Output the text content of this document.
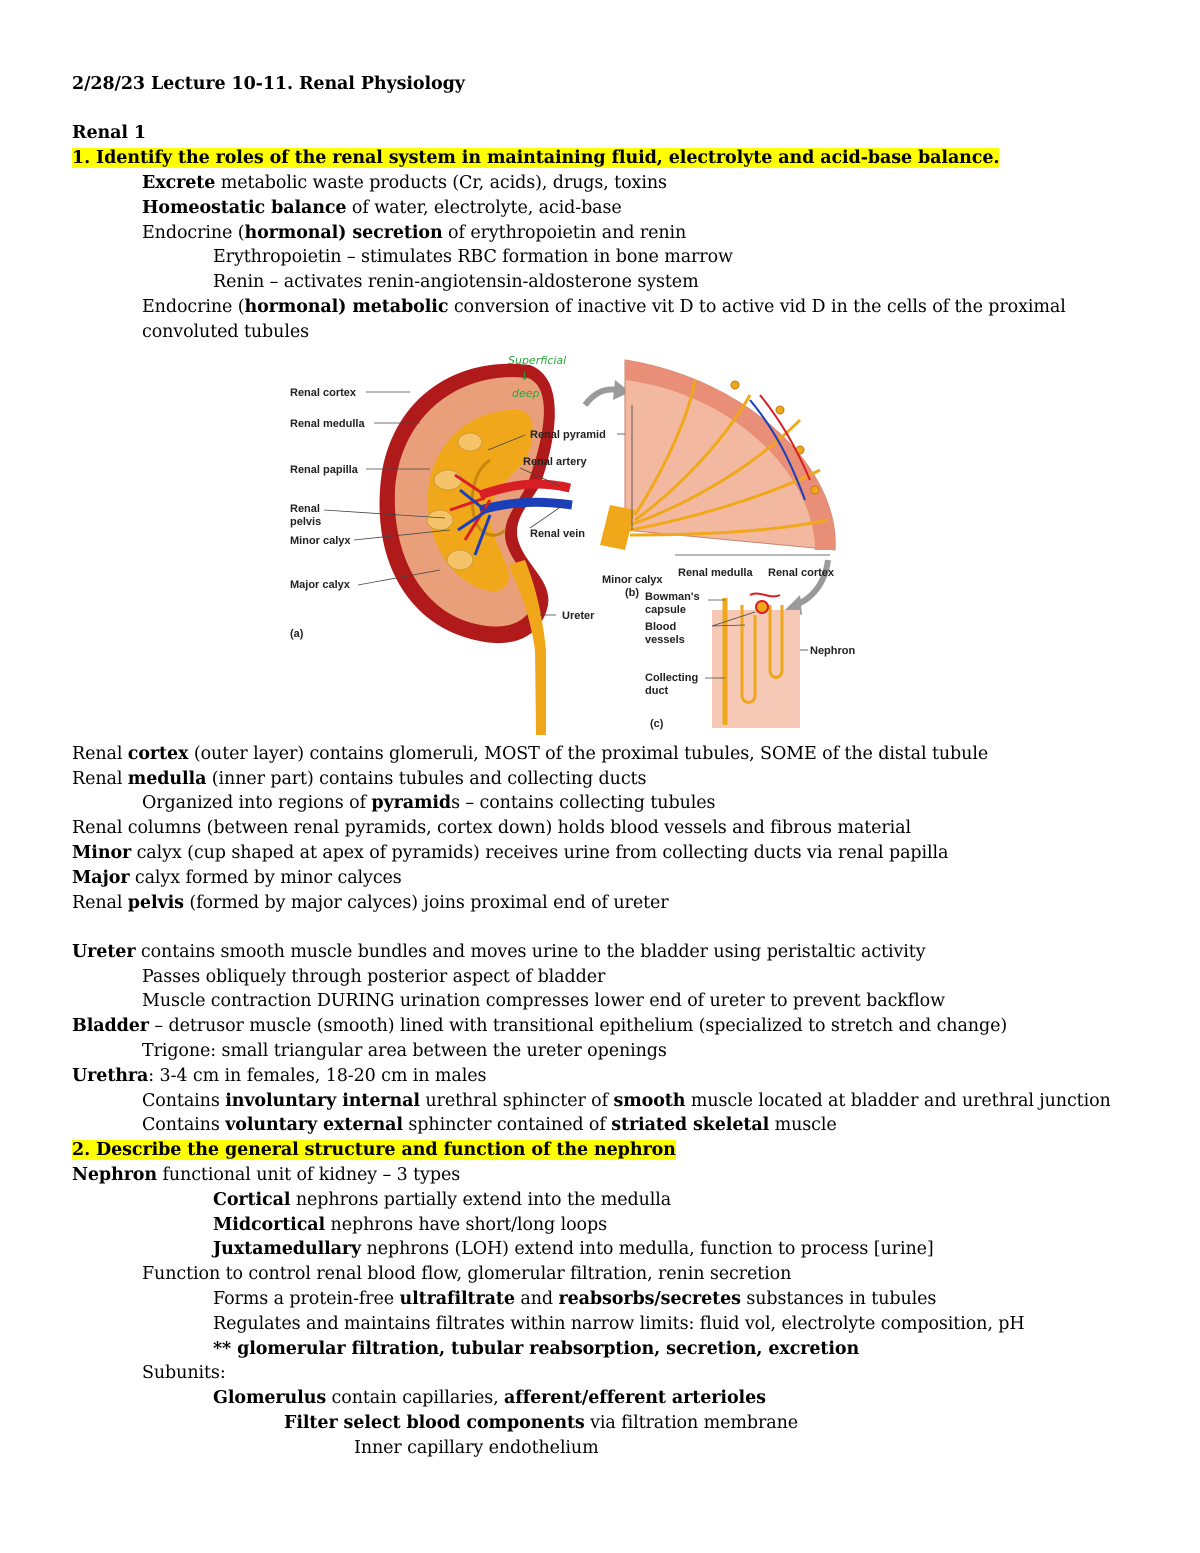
2/28/23 Lecture 10-11. Renal Physiology
Renal 1
1. Identify the roles of the renal system in maintaining fluid, electrolyte and acid-base balance.
Excrete metabolic waste products (Cr, acids), drugs, toxins
Homeostatic balance of water, electrolyte, acid-base
Endocrine (hormonal) secretion of erythropoietin and renin
Erythropoietin – stimulates RBC formation in bone marrow
Renin – activates renin-angiotensin-aldosterone system
Endocrine (hormonal) metabolic conversion of inactive vit D to active vid D in the cells of the proximal
convoluted tubules
Superficial
↓
deep
Renal cortex
Renal medulla
Renal papilla
Renal
pelvis
Minor calyx
Major calyx
(a)
Renal pyramid
Renal artery
Renal vein
Ureter
Minor calyx
(b)
Renal medulla Renal cortex
Bowman's
capsule
Blood
vessels
Collecting
duct
Nephron
(c)
Renal cortex (outer layer) contains glomeruli, MOST of the proximal tubules, SOME of the distal tubule
Renal medulla (inner part) contains tubules and collecting ducts
Organized into regions of pyramids – contains collecting tubules
Renal columns (between renal pyramids, cortex down) holds blood vessels and fibrous material
Minor calyx (cup shaped at apex of pyramids) receives urine from collecting ducts via renal papilla
Major calyx formed by minor calyces
Renal pelvis (formed by major calyces) joins proximal end of ureter
Ureter contains smooth muscle bundles and moves urine to the bladder using peristaltic activity
Passes obliquely through posterior aspect of bladder
Muscle contraction DURING urination compresses lower end of ureter to prevent backflow
Bladder – detrusor muscle (smooth) lined with transitional epithelium (specialized to stretch and change)
Trigone: small triangular area between the ureter openings
Urethra: 3-4 cm in females, 18-20 cm in males
Contains involuntary internal urethral sphincter of smooth muscle located at bladder and urethral junction
Contains voluntary external sphincter contained of striated skeletal muscle
2. Describe the general structure and function of the nephron
Nephron functional unit of kidney – 3 types
Cortical nephrons partially extend into the medulla
Midcortical nephrons have short/long loops
Juxtamedullary nephrons (LOH) extend into medulla, function to process [urine]
Function to control renal blood flow, glomerular filtration, renin secretion
Forms a protein-free ultrafiltrate and reabsorbs/secretes substances in tubules
Regulates and maintains filtrates within narrow limits: fluid vol, electrolyte composition, pH
** glomerular filtration, tubular reabsorption, secretion, excretion
Subunits:
Glomerulus contain capillaries, afferent/efferent arterioles
Filter select blood components via filtration membrane
Inner capillary endothelium
